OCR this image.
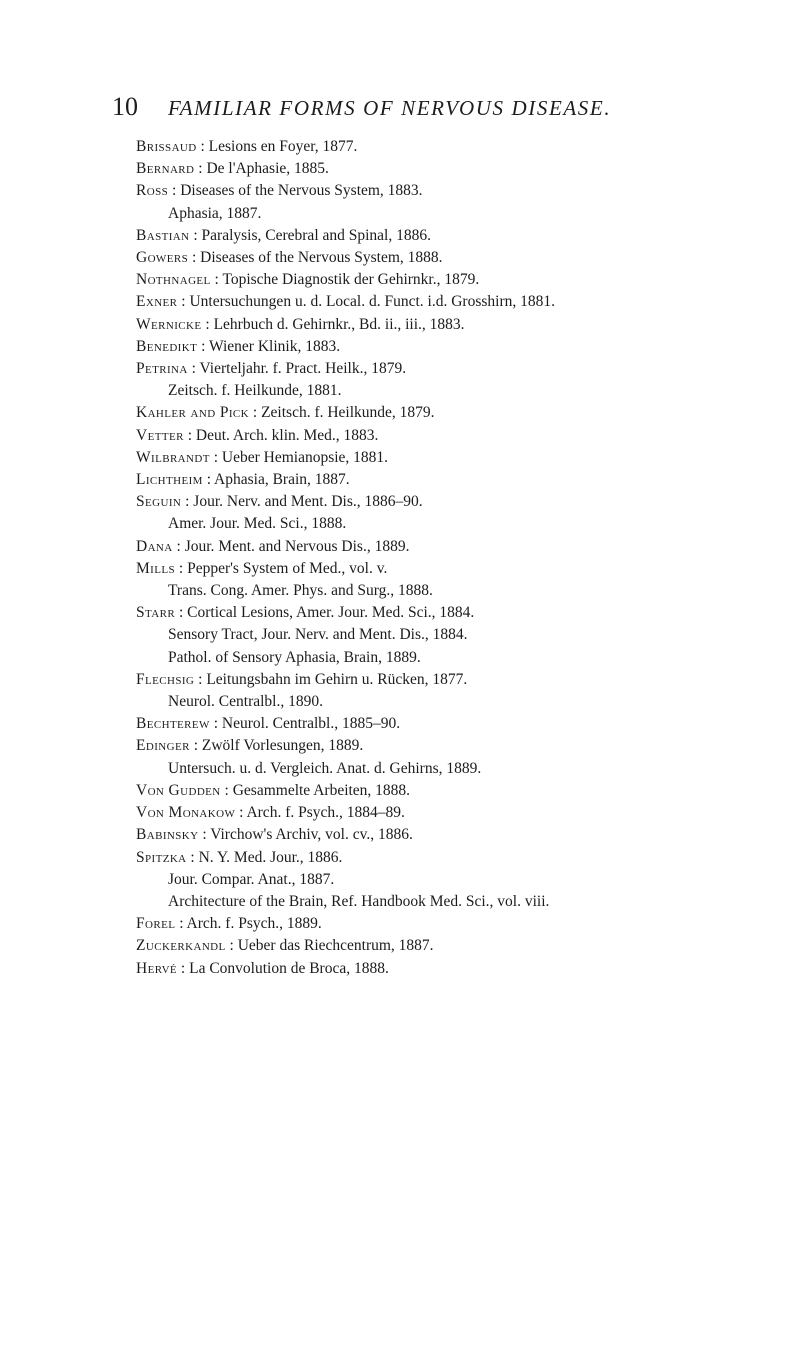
10 FAMILIAR FORMS OF NERVOUS DISEASE.
Brissaud : Lesions en Foyer, 1877.
Bernard : De l'Aphasie, 1885.
Ross : Diseases of the Nervous System, 1883.
Aphasia, 1887.
Bastian : Paralysis, Cerebral and Spinal, 1886.
Gowers : Diseases of the Nervous System, 1888.
Nothnagel : Topische Diagnostik der Gehirnkr., 1879.
Exner : Untersuchungen u. d. Local. d. Funct. i.d. Grosshirn, 1881.
Wernicke : Lehrbuch d. Gehirnkr., Bd. ii., iii., 1883.
Benedikt : Wiener Klinik, 1883.
Petrina : Vierteljahr. f. Pract. Heilk., 1879.
Zeitsch. f. Heilkunde, 1881.
Kahler and Pick : Zeitsch. f. Heilkunde, 1879.
Vetter : Deut. Arch. klin. Med., 1883.
Wilbrandt : Ueber Hemianopsie, 1881.
Lichtheim : Aphasia, Brain, 1887.
Seguin : Jour. Nerv. and Ment. Dis., 1886–90.
Amer. Jour. Med. Sci., 1888.
Dana : Jour. Ment. and Nervous Dis., 1889.
Mills : Pepper's System of Med., vol. v.
Trans. Cong. Amer. Phys. and Surg., 1888.
Starr : Cortical Lesions, Amer. Jour. Med. Sci., 1884.
Sensory Tract, Jour. Nerv. and Ment. Dis., 1884.
Pathol. of Sensory Aphasia, Brain, 1889.
Flechsig : Leitungsbahn im Gehirn u. Rücken, 1877.
Neurol. Centralbl., 1890.
Bechterew : Neurol. Centralbl., 1885–90.
Edinger : Zwölf Vorlesungen, 1889.
Untersuch. u. d. Vergleich. Anat. d. Gehirns, 1889.
Von Gudden : Gesammelte Arbeiten, 1888.
Von Monakow : Arch. f. Psych., 1884–89.
Babinsky : Virchow's Archiv, vol. cv., 1886.
Spitzka : N. Y. Med. Jour., 1886.
Jour. Compar. Anat., 1887.
Architecture of the Brain, Ref. Handbook Med. Sci., vol. viii.
Forel : Arch. f. Psych., 1889.
Zuckerkandl : Ueber das Riechcentrum, 1887.
Hervé : La Convolution de Broca, 1888.
